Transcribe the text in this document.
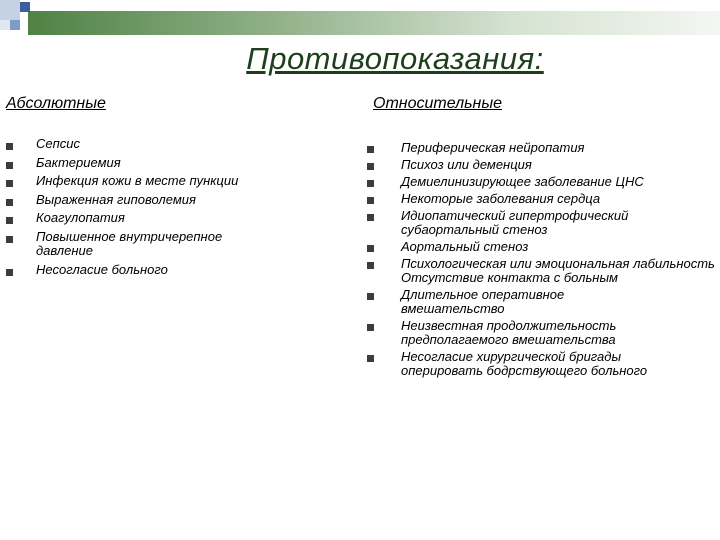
Противопоказания:
Абсолютные	Относительные
Сепсис
Бактериемия
Инфекция кожи в месте пункции
Выраженная гиповолемия
Коагулопатия
Повышенное внутричерепное давление
Несогласие больного
Периферическая нейропатия
Психоз или деменция
Демиелинизирующее заболевание ЦНС
Некоторые заболевания сердца
Идиопатический гипертрофический субаортальный стеноз
Аортальный стеноз
Психологическая или эмоциональная лабильность Отсутствие контакта с больным
Длительное оперативное вмешательство
Неизвестная продолжительность предполагаемого вмешательства
Несогласие хирургической бригады оперировать бодрствующего больного
